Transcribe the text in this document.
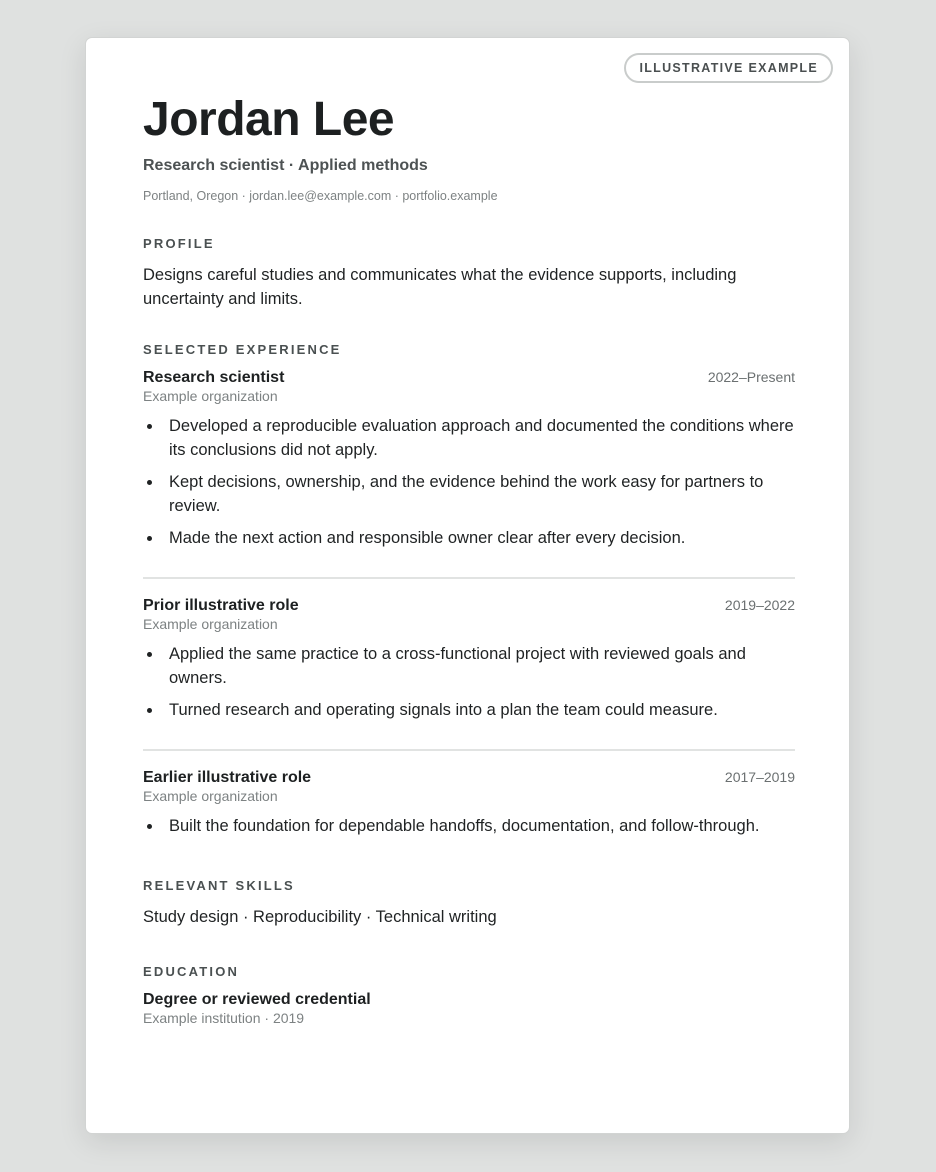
ILLUSTRATIVE EXAMPLE
Jordan Lee
Research scientist · Applied methods
Portland, Oregon · jordan.lee@example.com · portfolio.example
PROFILE
Designs careful studies and communicates what the evidence supports, including uncertainty and limits.
SELECTED EXPERIENCE
Research scientist	2022–Present
Example organization
Developed a reproducible evaluation approach and documented the conditions where its conclusions did not apply.
Kept decisions, ownership, and the evidence behind the work easy for partners to review.
Made the next action and responsible owner clear after every decision.
Prior illustrative role	2019–2022
Example organization
Applied the same practice to a cross-functional project with reviewed goals and owners.
Turned research and operating signals into a plan the team could measure.
Earlier illustrative role	2017–2019
Example organization
Built the foundation for dependable handoffs, documentation, and follow-through.
RELEVANT SKILLS
Study design · Reproducibility · Technical writing
EDUCATION
Degree or reviewed credential
Example institution · 2019
